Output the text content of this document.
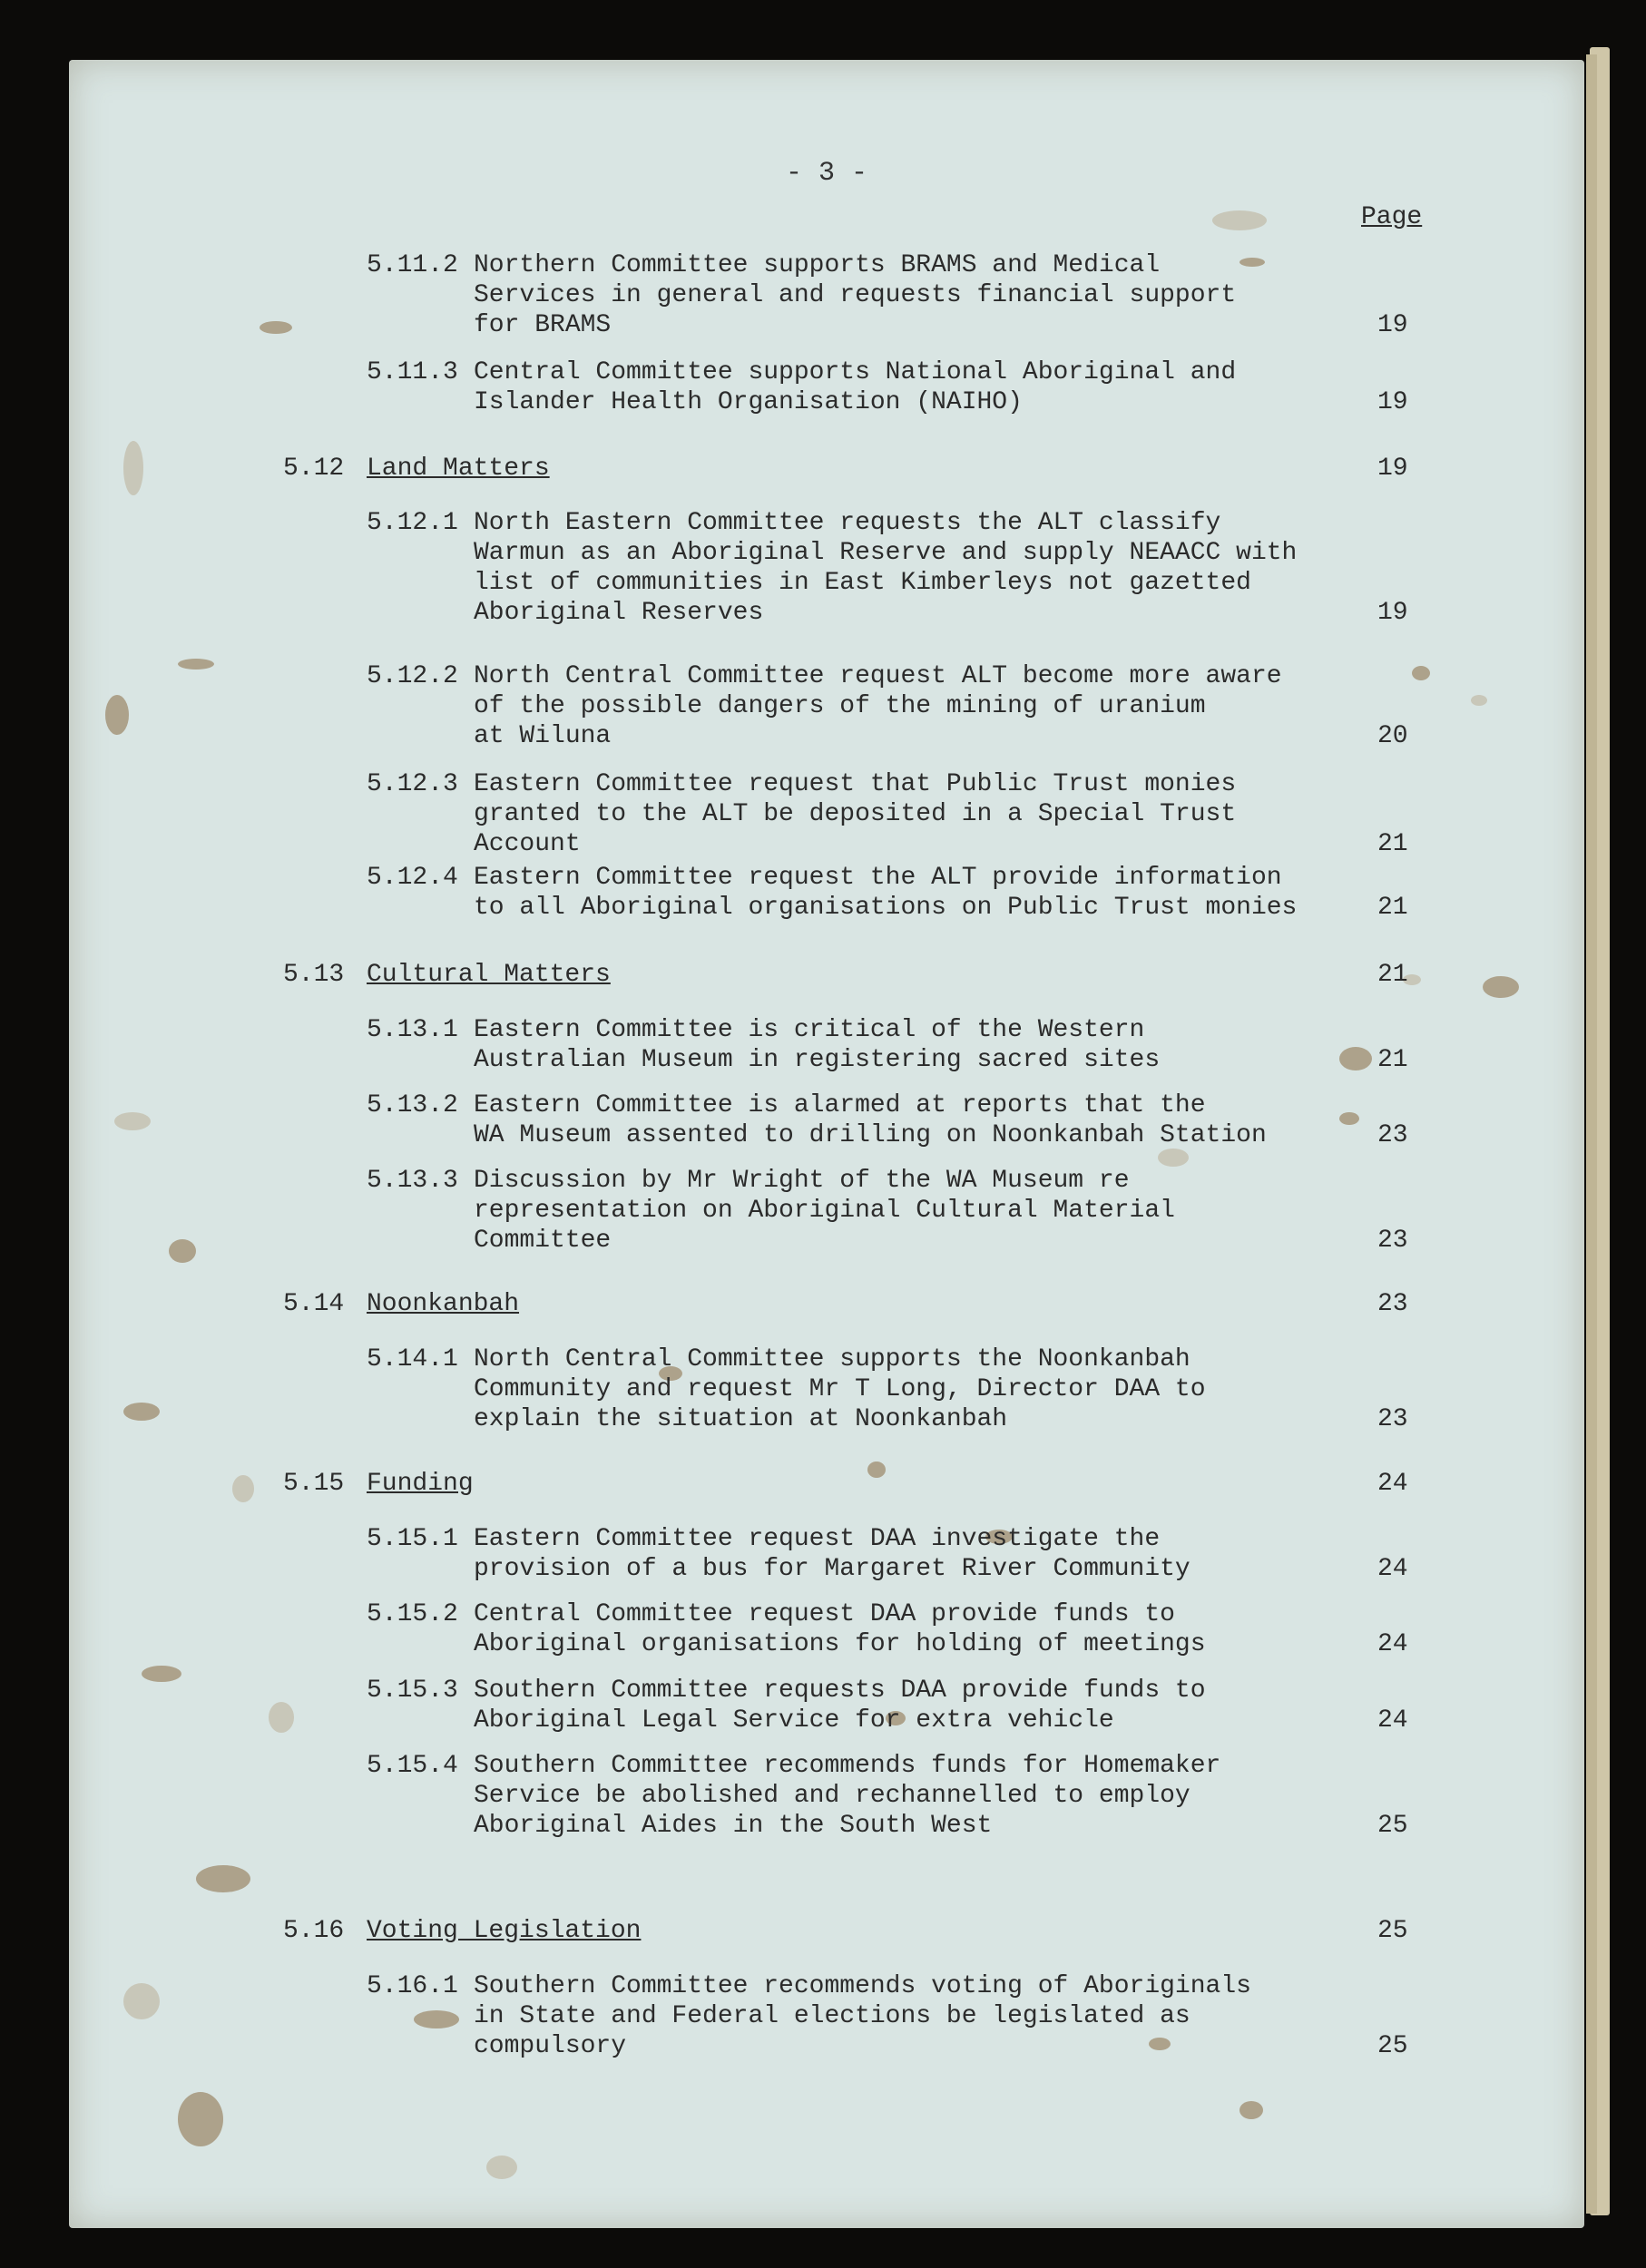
- 3 -
Page
5.11.2 Northern Committee supports BRAMS and Medical
Services in general and requests financial support
for BRAMS	19
5.11.3 Central Committee supports National Aboriginal and
Islander Health Organisation (NAIHO)	19
5.12 Land Matters	19
5.12.1 North Eastern Committee requests the ALT classify
Warmun as an Aboriginal Reserve and supply NEAACC with
list of communities in East Kimberleys not gazetted
Aboriginal Reserves	19
5.12.2 North Central Committee request ALT become more aware
of the possible dangers of the mining of uranium
at Wiluna	20
5.12.3 Eastern Committee request that Public Trust monies
granted to the ALT be deposited in a Special Trust
Account	21
5.12.4 Eastern Committee request the ALT provide information
to all Aboriginal organisations on Public Trust monies	21
5.13 Cultural Matters	21
5.13.1 Eastern Committee is critical of the Western
Australian Museum in registering sacred sites	21
5.13.2 Eastern Committee is alarmed at reports that the
WA Museum assented to drilling on Noonkanbah Station	23
5.13.3 Discussion by Mr Wright of the WA Museum re
representation on Aboriginal Cultural Material
Committee	23
5.14 Noonkanbah	23
5.14.1 North Central Committee supports the Noonkanbah
Community and request Mr T Long, Director DAA to
explain the situation at Noonkanbah	23
5.15 Funding	24
5.15.1 Eastern Committee request DAA investigate the
provision of a bus for Margaret River Community	24
5.15.2 Central Committee request DAA provide funds to
Aboriginal organisations for holding of meetings	24
5.15.3 Southern Committee requests DAA provide funds to
Aboriginal Legal Service for extra vehicle	24
5.15.4 Southern Committee recommends funds for Homemaker
Service be abolished and rechannelled to employ
Aboriginal Aides in the South West	25
5.16 Voting Legislation	25
5.16.1 Southern Committee recommends voting of Aboriginals
in State and Federal elections be legislated as
compulsory	25
